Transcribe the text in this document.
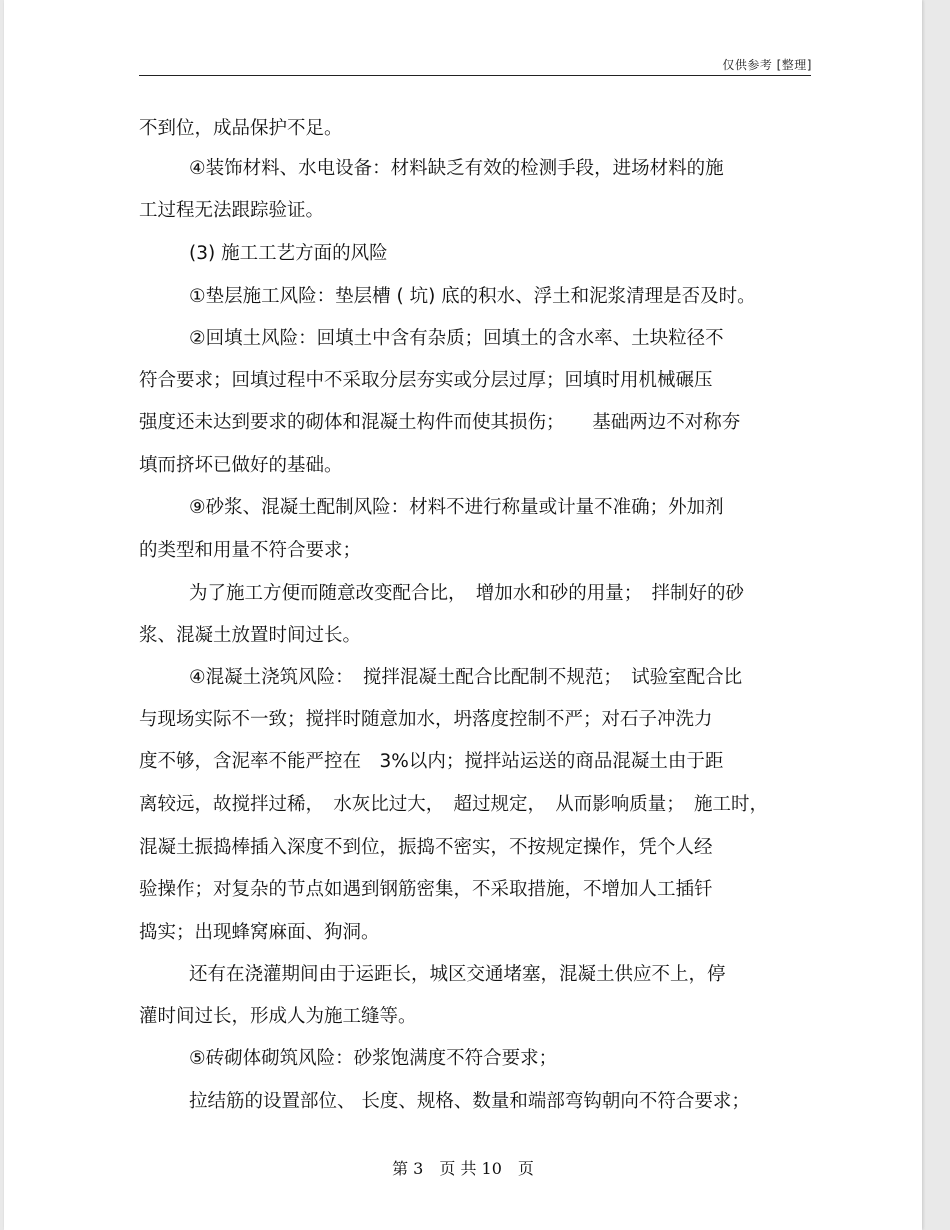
仅供参考 [整理]
不到位，成品保护不足。
④装饰材料、水电设备：材料缺乏有效的检测手段，进场材料的施
工过程无法跟踪验证。
(3) 施工工艺方面的风险
①垫层施工风险：垫层槽 ( 坑) 底的积水、浮土和泥浆清理是否及时。
②回填土风险：回填土中含有杂质；回填土的含水率、土块粒径不
符合要求；回填过程中不采取分层夯实或分层过厚；回填时用机械碾压
强度还未达到要求的砌体和混凝土构件而使其损伤；　　基础两边不对称夯
填而挤坏已做好的基础。
⑨砂浆、混凝土配制风险：材料不进行称量或计量不准确；外加剂
的类型和用量不符合要求；
为了施工方便而随意改变配合比，　增加水和砂的用量；　拌制好的砂
浆、混凝土放置时间过长。
④混凝土浇筑风险：　搅拌混凝土配合比配制不规范；　试验室配合比
与现场实际不一致；搅拌时随意加水，坍落度控制不严；对石子冲洗力
度不够，含泥率不能严控在　3%以内；搅拌站运送的商品混凝土由于距
离较远，故搅拌过稀，　水灰比过大，　超过规定，　从而影响质量；　施工时，
混凝土振捣棒插入深度不到位，振捣不密实，不按规定操作，凭个人经
验操作；对复杂的节点如遇到钢筋密集，不采取措施，不增加人工插钎
捣实；出现蜂窝麻面、狗洞。
还有在浇灌期间由于运距长，城区交通堵塞，混凝土供应不上，停
灌时间过长，形成人为施工缝等。
⑤砖砌体砌筑风险：砂浆饱满度不符合要求；
拉结筋的设置部位、 长度、规格、数量和端部弯钩朝向不符合要求；
第 3　页 共 10　页
